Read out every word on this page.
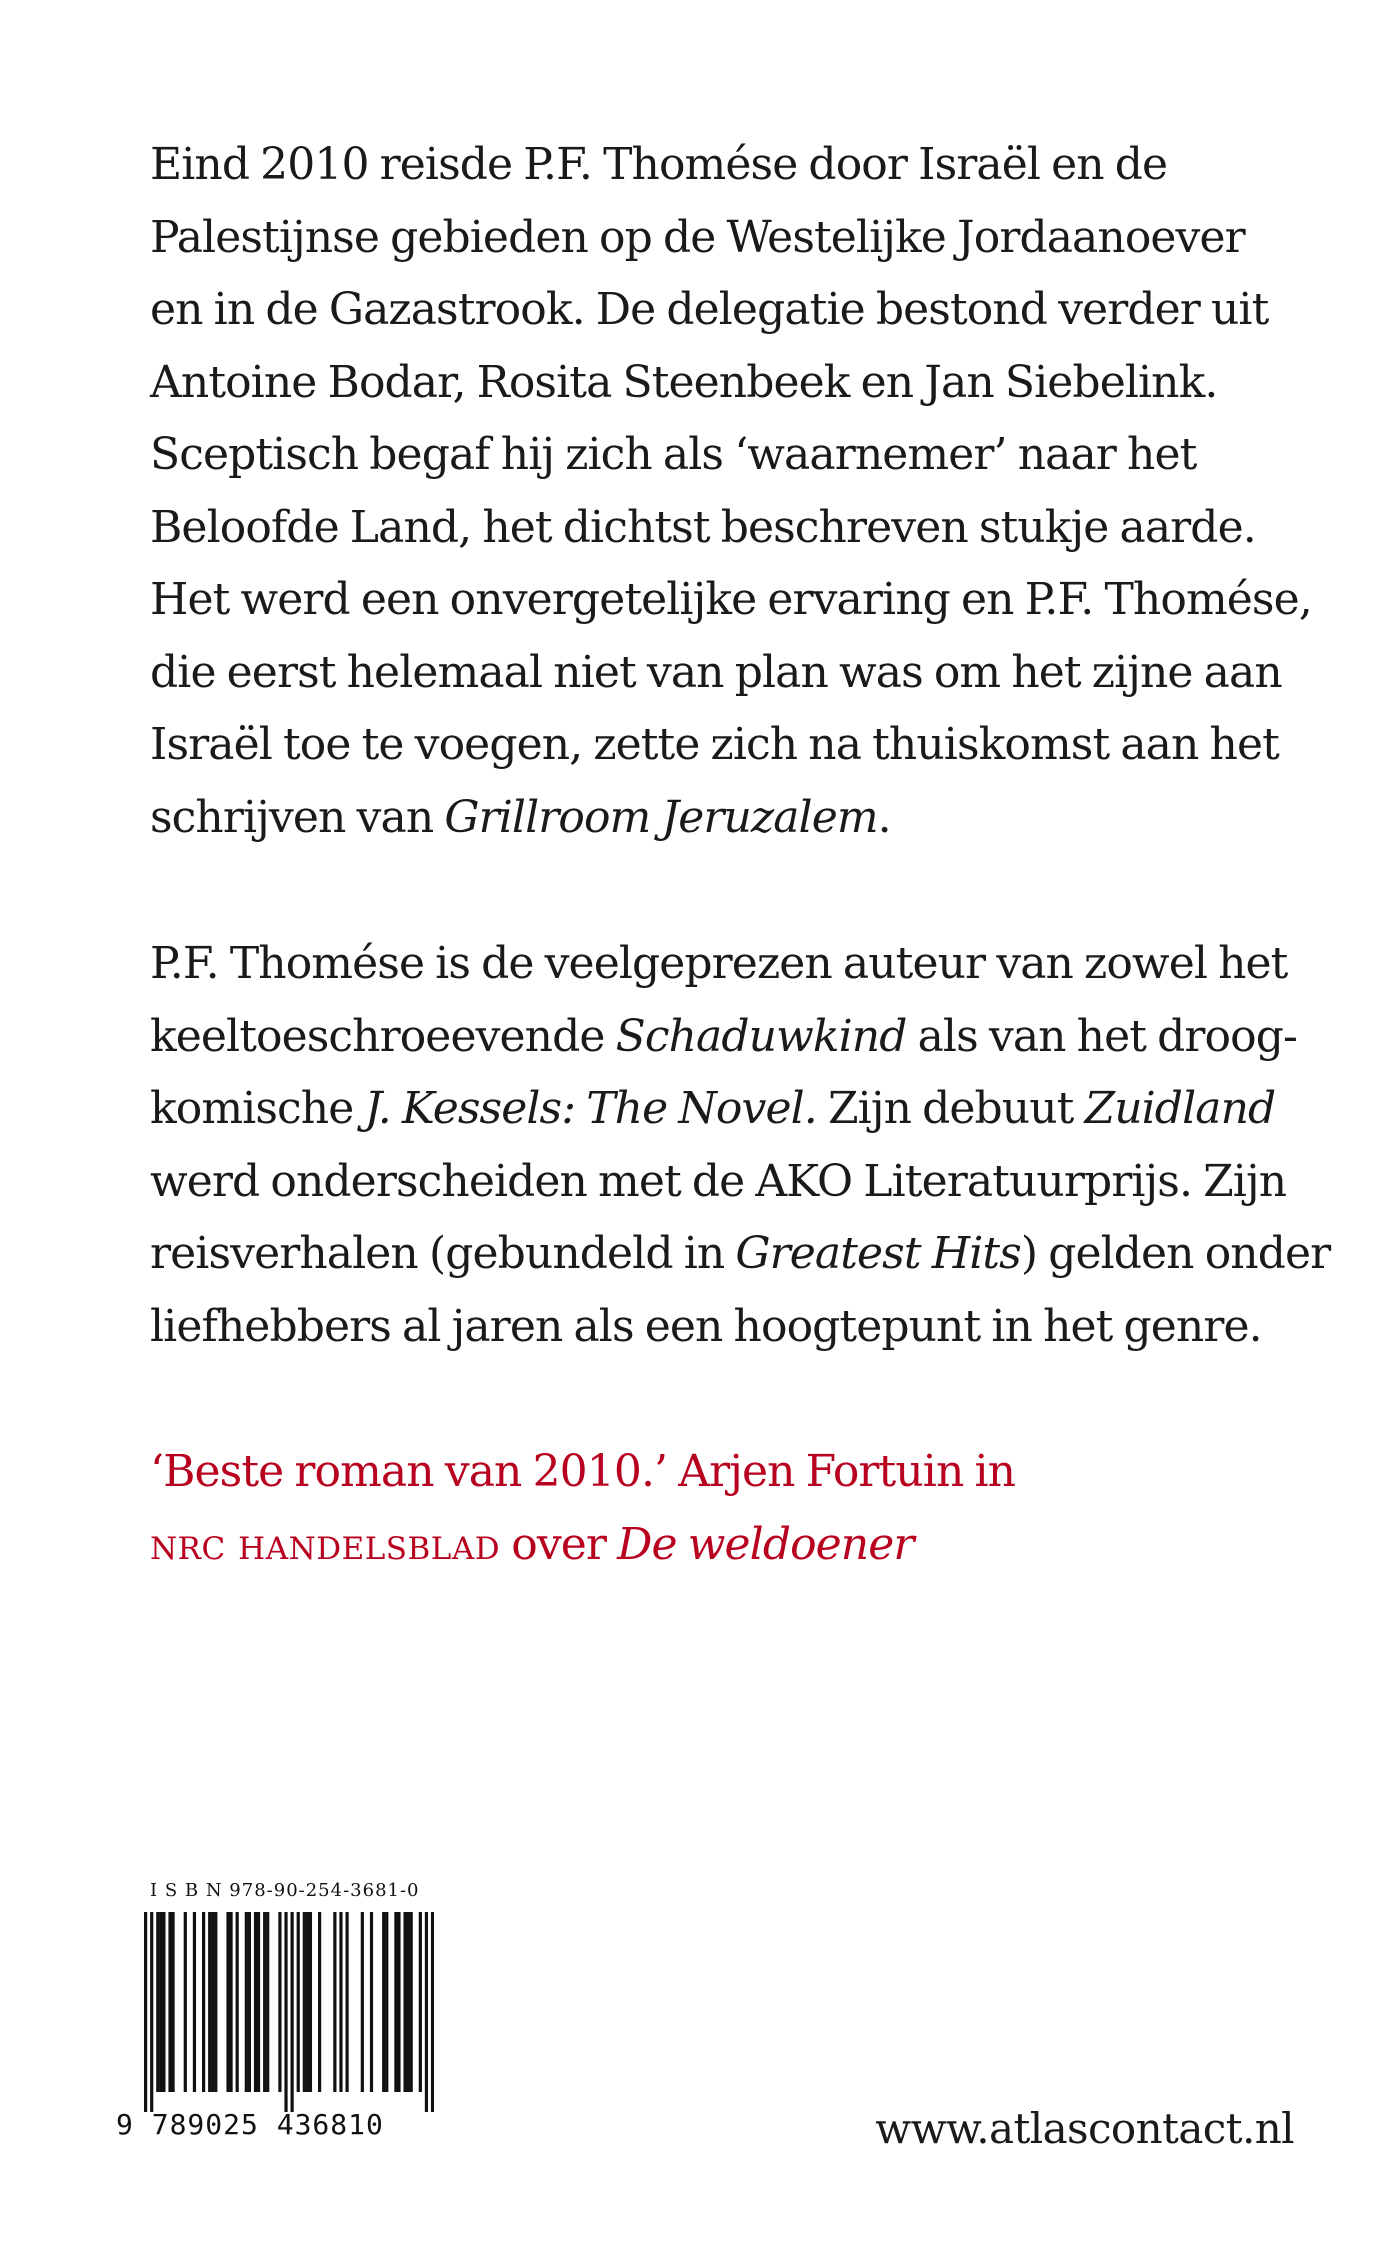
Eind 2010 reisde P.F. Thomése door Israël en de
Palestijnse gebieden op de Westelijke Jordaanoever
en in de Gazastrook. De delegatie bestond verder uit
Antoine Bodar, Rosita Steenbeek en Jan Siebelink.
Sceptisch begaf hij zich als ‘waarnemer’ naar het
Beloofde Land, het dichtst beschreven stukje aarde.
Het werd een onvergetelijke ervaring en P.F. Thomése,
die eerst helemaal niet van plan was om het zijne aan
Israël toe te voegen, zette zich na thuiskomst aan het
schrijven van Grillroom Jeruzalem.
P.F. Thomése is de veelgeprezen auteur van zowel het
keeltoeschroeevende Schaduwkind als van het droog-
komische J. Kessels: The Novel. Zijn debuut Zuidland
werd onderscheiden met de AKO Literatuurprijs. Zijn
reisverhalen (gebundeld in Greatest Hits) gelden onder
liefhebbers al jaren als een hoogtepunt in het genre.
‘Beste roman van 2010.’ Arjen Fortuin in
nrc handelsblad over De weldoener
I S B N 978-90-254-3681-0
9 789025 436810	www.atlascontact.nl
